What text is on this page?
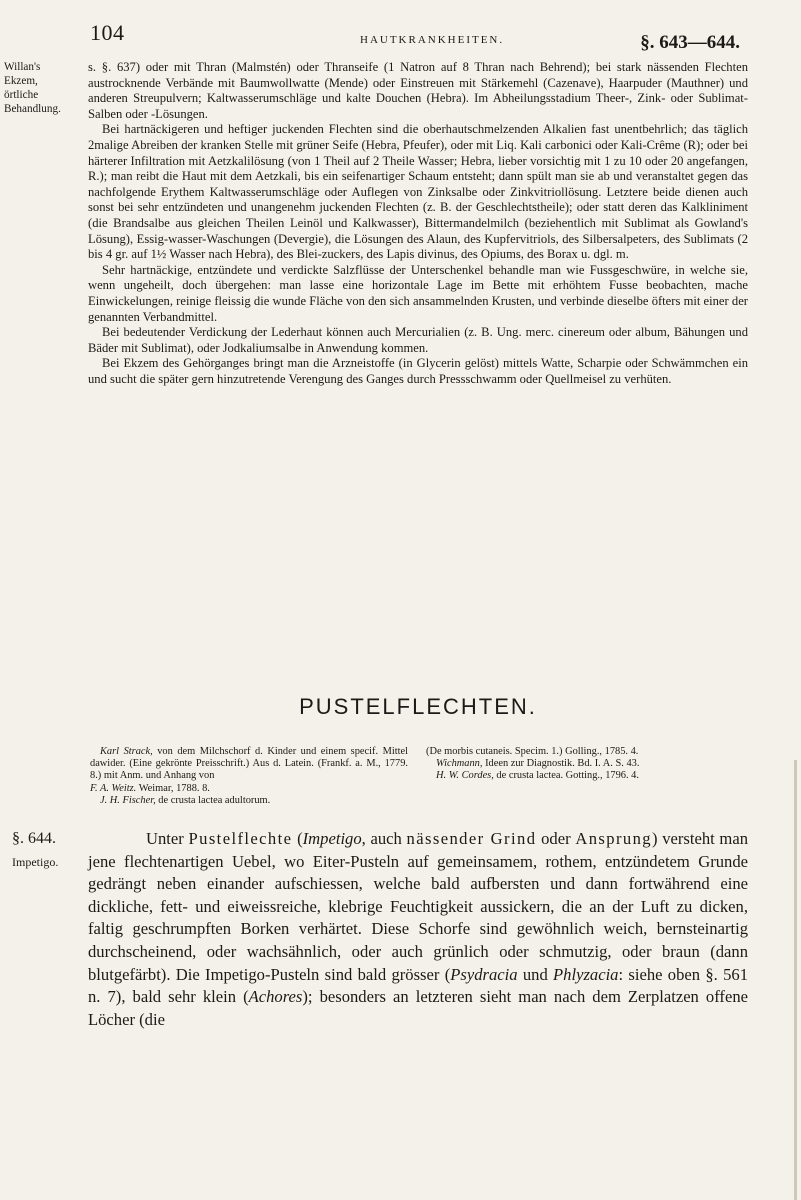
104	HAUTKRANKHEITEN.	§. 643—644.
Willan's
Ekzem,
örtliche
Behandlung.

s. §. 637) oder mit Thran (Malmstén) oder Thranseife (1 Natron auf 8 Thran nach Behrend); bei stark nässenden Flechten austrocknende Verbände mit Baumwollwatte (Mende) oder Einstreuen mit Stärkemehl (Cazenave), Haarpuder (Mauthner) und anderen Streupulvern; Kaltwasserumschläge und kalte Douchen (Hebra). Im Abheilungsstadium Theer-, Zink- oder Sublimat-Salben oder -Lösungen.

Bei hartnäckigeren und heftiger juckenden Flechten sind die oberhautschmelzenden Alkalien fast unentbehrlich; das täglich 2malige Abreiben der kranken Stelle mit grüner Seife (Hebra, Pfeufer), oder mit Liq. Kali carbonici oder Kali-Crême (R); oder bei härterer Infiltration mit Aetzkalilösung (von 1 Theil auf 2 Theile Wasser; Hebra, lieber vorsichtig mit 1 zu 10 oder 20 angefangen, R.); man reibt die Haut mit dem Aetzkali, bis ein seifenartiger Schaum entsteht; dann spült man sie ab und veranstaltet gegen das nachfolgende Erythem Kaltwasserumschläge oder Auflegen von Zinksalbe oder Zinkvitriollösung. Letztere beide dienen auch sonst bei sehr entzündeten und unangenehm juckenden Flechten (z. B. der Geschlechtstheile); oder statt deren das Kalkliniment (die Brandsalbe aus gleichen Theilen Leinöl und Kalkwasser), Bittermandelmilch (beziehentlich mit Sublimat als Gowland's Lösung), Essig-wasser-Waschungen (Devergie), die Lösungen des Alaun, des Kupfervitriols, des Silbersalpeters, des Sublimats (2 bis 4 gr. auf 1½ Wasser nach Hebra), des Blei-zuckers, des Lapis divinus, des Opiums, des Borax u. dgl. m.

Sehr hartnäckige, entzündete und verdickte Salzflüsse der Unterschenkel behandle man wie Fussgeschwüre, in welche sie, wenn ungeheilt, doch übergehen: man lasse eine horizontale Lage im Bette mit erhöhtem Fusse beobachten, mache Einwickelungen, reinige fleissig die wunde Fläche von den sich ansammelnden Krusten, und verbinde dieselbe öfters mit einer der genannten Verbandmittel.

Bei bedeutender Verdickung der Lederhaut können auch Mercurialien (z. B. Ung. merc. cinereum oder album, Bähungen und Bäder mit Sublimat), oder Jodkaliumsalbe in Anwendung kommen.

Bei Ekzem des Gehörganges bringt man die Arzneistoffe (in Glycerin gelöst) mittels Watte, Scharpie oder Schwämmchen ein und sucht die später gern hinzutretende Verengung des Ganges durch Pressschwamm oder Quellmeisel zu verhüten.

PUSTELFLECHTEN.

Karl Strack, von dem Milchschorf d. Kinder und einem specif. Mittel dawider. (Eine gekrönte Preisschrift.) Aus d. Latein. (Frankf. a. M., 1779. 8.) mit Anm. und Anhang von

F. A. Weitz. Weimar, 1788. 8.

J. H. Fischer, de crusta lactea adultorum.

(De morbis cutaneis. Specim. 1.) Golling., 1785. 4.

Wichmann, Ideen zur Diagnostik. Bd. I. A. S. 43.

H. W. Cordes, de crusta lactea. Gotting., 1796. 4.

§. 644.
Impetigo.

Unter Pustelflechte (Impetigo, auch nässender Grind oder Ansprung) versteht man jene flechtenartigen Uebel, wo Eiter-Pusteln auf gemeinsamem, rothem, entzündetem Grunde gedrängt neben einander aufschiessen, welche bald aufbersten und dann fortwährend eine dickliche, fett- und eiweissreiche, klebrige Feuchtigkeit aussickern, die an der Luft zu dicken, faltig geschrumpften Borken verhärtet. Diese Schorfe sind gewöhnlich weich, bernsteinartig durchscheinend, oder wachsähnlich, oder auch grünlich oder schmutzig, oder braun (dann blutgefärbt). Die Impetigo-Pusteln sind bald grösser (Psydracia und Phlyzacia: siehe oben §. 561 n. 7), bald sehr klein (Achores); besonders an letzteren sieht man nach dem Zerplatzen offene Löcher (die
